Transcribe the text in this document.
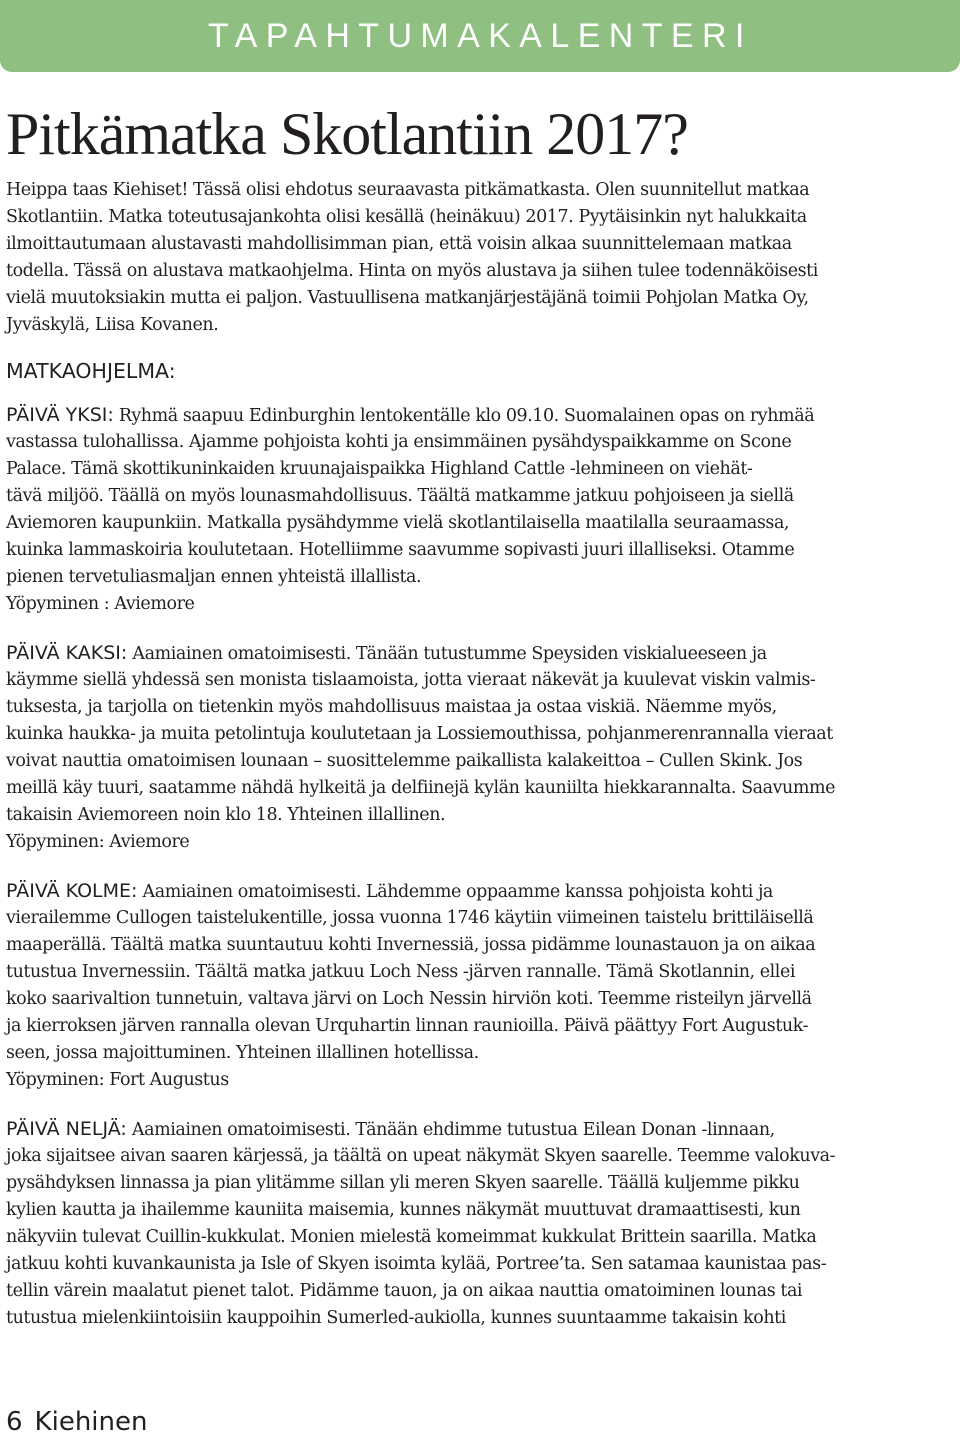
TAPAHTUMAKALENTERI
Pitkämatka Skotlantiin 2017?
Heippa taas Kiehiset! Tässä olisi ehdotus seuraavasta pitkämatkasta. Olen suunnitellut matkaa
Skotlantiin. Matka toteutusajankohta olisi kesällä (heinäkuu) 2017. Pyytäisinkin nyt halukkaita
ilmoittautumaan alustavasti mahdollisimman pian, että voisin alkaa suunnittelemaan matkaa
todella. Tässä on alustava matkaohjelma. Hinta on myös alustava ja siihen tulee todennäköisesti
vielä muutoksiakin mutta ei paljon. Vastuullisena matkanjärjestäjänä toimii Pohjolan Matka Oy,
Jyväskylä, Liisa Kovanen.
MATKAOHJELMA:
PÄIVÄ YKSI: Ryhmä saapuu Edinburghin lentokentälle klo 09.10. Suomalainen opas on ryhmää
vastassa tulohallissa. Ajamme pohjoista kohti ja ensimmäinen pysähdyspaikkamme on Scone
Palace. Tämä skottikuninkaiden kruunajaispaikka Highland Cattle -lehmineen on viehät-
tävä miljöö. Täällä on myös lounasmahdollisuus. Täältä matkamme jatkuu pohjoiseen ja siellä
Aviemoren kaupunkiin. Matkalla pysähdymme vielä skotlantilaisella maatilalla seuraamassa,
kuinka lammaskoiria koulutetaan. Hotelliimme saavumme sopivasti juuri illalliseksi. Otamme
pienen tervetuliasmaljan ennen yhteistä illallista.
Yöpyminen : Aviemore
PÄIVÄ KAKSI: Aamiainen omatoimisesti. Tänään tutustumme Speysiden viskialueeseen ja
käymme siellä yhdessä sen monista tislaamoista, jotta vieraat näkevät ja kuulevat viskin valmis-
tuksesta, ja tarjolla on tietenkin myös mahdollisuus maistaa ja ostaa viskiä. Näemme myös,
kuinka haukka- ja muita petolintuja koulutetaan ja Lossiemouthissa, pohjanmerenrannalla vieraat
voivat nauttia omatoimisen lounaan – suosittelemme paikallista kalakeittoa – Cullen Skink. Jos
meillä käy tuuri, saatamme nähdä hylkeitä ja delfiinejä kylän kauniilta hiekkarannalta. Saavumme
takaisin Aviemoreen noin klo 18. Yhteinen illallinen.
Yöpyminen: Aviemore
PÄIVÄ KOLME: Aamiainen omatoimisesti. Lähdemme oppaamme kanssa pohjoista kohti ja
vierailemme Cullogen taistelukentille, jossa vuonna 1746 käytiin viimeinen taistelu brittiläisellä
maaperällä. Täältä matka suuntautuu kohti Invernessiä, jossa pidämme lounastauon ja on aikaa
tutustua Invernessiin. Täältä matka jatkuu Loch Ness -järven rannalle. Tämä Skotlannin, ellei
koko saarivaltion tunnetuin, valtava järvi on Loch Nessin hirviön koti. Teemme risteilyn järvellä
ja kierroksen järven rannalla olevan Urquhartin linnan raunioilla. Päivä päättyy Fort Augustuk-
seen, jossa majoittuminen. Yhteinen illallinen hotellissa.
Yöpyminen: Fort Augustus
PÄIVÄ NELJÄ: Aamiainen omatoimisesti. Tänään ehdimme tutustua Eilean Donan -linnaan,
joka sijaitsee aivan saaren kärjessä, ja täältä on upeat näkymät Skyen saarelle. Teemme valokuva-
pysähdyksen linnassa ja pian ylitämme sillan yli meren Skyen saarelle. Täällä kuljemme pikku
kylien kautta ja ihailemme kauniita maisemia, kunnes näkymät muuttuvat dramaattisesti, kun
näkyviin tulevat Cuillin-kukkulat. Monien mielestä komeimmat kukkulat Brittein saarilla. Matka
jatkuu kohti kuvankaunista ja Isle of Skyen isoimta kylää, Portree’ta. Sen satamaa kaunistaa pas-
tellin värein maalatut pienet talot. Pidämme tauon, ja on aikaa nauttia omatoiminen lounas tai
tutustua mielenkiintoisiin kauppoihin Sumerled-aukiolla, kunnes suuntaamme takaisin kohti
6 Kiehinen
